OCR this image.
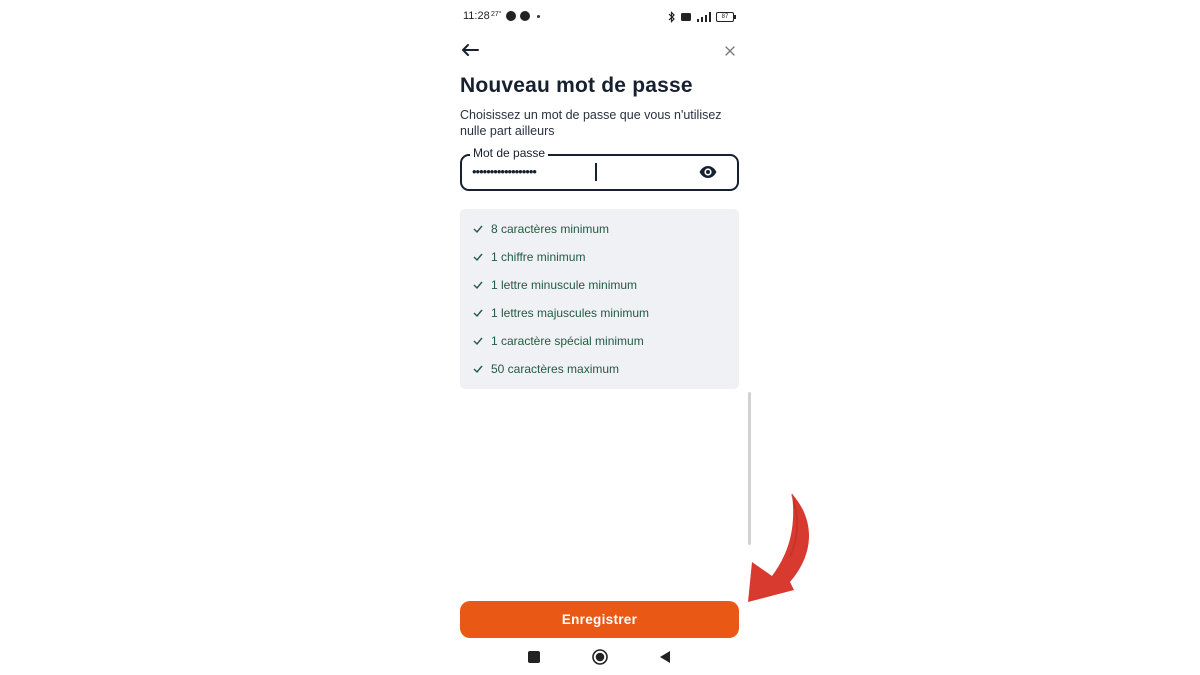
11:28 27°	87
Nouveau mot de passe
Choisissez un mot de passe que vous n'utilisez nulle part ailleurs
Mot de passe
••••••••••••••••••
8 caractères minimum
1 chiffre minimum
1 lettre minuscule minimum
1 lettres majuscules minimum
1 caractère spécial minimum
50 caractères maximum
Enregistrer
